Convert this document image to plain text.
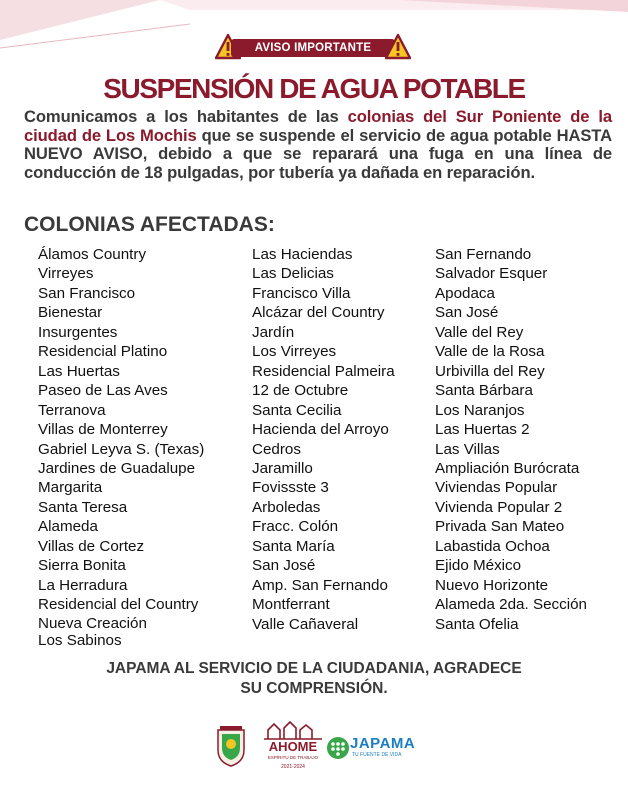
AVISO IMPORTANTE
SUSPENSIÓN DE AGUA POTABLE
Comunicamos a los habitantes de las colonias del Sur Poniente de la ciudad de Los Mochis que se suspende el servicio de agua potable HASTA NUEVO AVISO, debido a que se reparará una fuga en una línea de conducción de 18 pulgadas, por tubería ya dañada en reparación.
COLONIAS AFECTADAS:
Álamos Country
Virreyes
San Francisco
Bienestar
Insurgentes
Residencial Platino
Las Huertas
Paseo de Las Aves
Terranova
Villas de Monterrey
Gabriel Leyva S. (Texas)
Jardines de Guadalupe
Margarita
Santa Teresa
Alameda
Villas de Cortez
Sierra Bonita
La Herradura
Residencial del Country
Nueva Creación
Los Sabinos
Las Haciendas
Las Delicias
Francisco Villa
Alcázar del Country
Jardín
Los Virreyes
Residencial Palmeira
12 de Octubre
Santa Cecilia
Hacienda del Arroyo
Cedros
Jaramillo
Fovissste 3
Arboledas
Fracc. Colón
Santa María
San José
Amp. San Fernando
Montferrant
Valle Cañaveral
San Fernando
Salvador Esquer
Apodaca
San José
Valle del Rey
Valle de la Rosa
Urbivilla del Rey
Santa Bárbara
Los Naranjos
Las Huertas 2
Las Villas
Ampliación Burócrata
Viviendas Popular
Vivienda Popular 2
Privada San Mateo
Labastida Ochoa
Ejido México
Nuevo Horizonte
Alameda 2da. Sección
Santa Ofelia
JAPAMA AL SERVICIO DE LA CIUDADANIA, AGRADECE
SU COMPRENSIÓN.
AHOME
ESPÍRITU DE TRABAJO
2021-2024
JAPAMA
TU FUENTE DE VIDA
